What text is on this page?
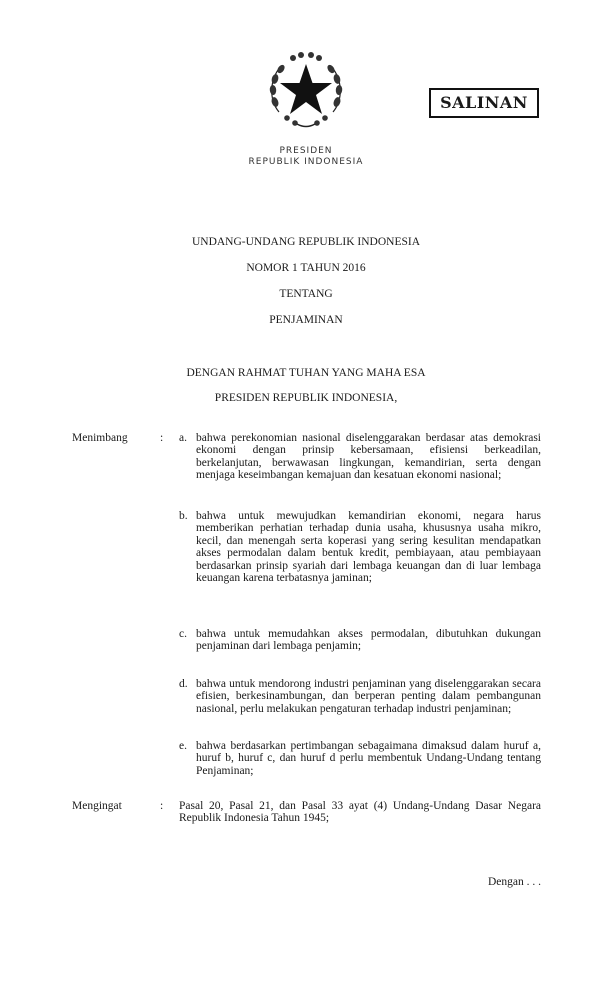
SALINAN
PRESIDEN
REPUBLIK INDONESIA
UNDANG-UNDANG REPUBLIK INDONESIA
NOMOR 1 TAHUN 2016
TENTANG
PENJAMINAN
DENGAN RAHMAT TUHAN YANG MAHA ESA
PRESIDEN REPUBLIK INDONESIA,
Menimbang	: a. bahwa perekonomian nasional diselenggarakan berdasar atas demokrasi ekonomi dengan prinsip kebersamaan, efisiensi berkeadilan, berkelanjutan, berwawasan lingkungan, kemandirian, serta dengan menjaga keseimbangan kemajuan dan kesatuan ekonomi nasional;

b. bahwa untuk mewujudkan kemandirian ekonomi, negara harus memberikan perhatian terhadap dunia usaha, khususnya usaha mikro, kecil, dan menengah serta koperasi yang sering kesulitan mendapatkan akses permodalan dalam bentuk kredit, pembiayaan, atau pembiayaan berdasarkan prinsip syariah dari lembaga keuangan dan di luar lembaga keuangan karena terbatasnya jaminan;

c. bahwa untuk memudahkan akses permodalan, dibutuhkan dukungan penjaminan dari lembaga penjamin;

d. bahwa untuk mendorong industri penjaminan yang diselenggarakan secara efisien, berkesinambungan, dan berperan penting dalam pembangunan nasional, perlu melakukan pengaturan terhadap industri penjaminan;

e. bahwa berdasarkan pertimbangan sebagaimana dimaksud dalam huruf a, huruf b, huruf c, dan huruf d perlu membentuk Undang-Undang tentang Penjaminan;

Mengingat	: Pasal 20, Pasal 21, dan Pasal 33 ayat (4) Undang-Undang Dasar Negara Republik Indonesia Tahun 1945;

Dengan . . .
